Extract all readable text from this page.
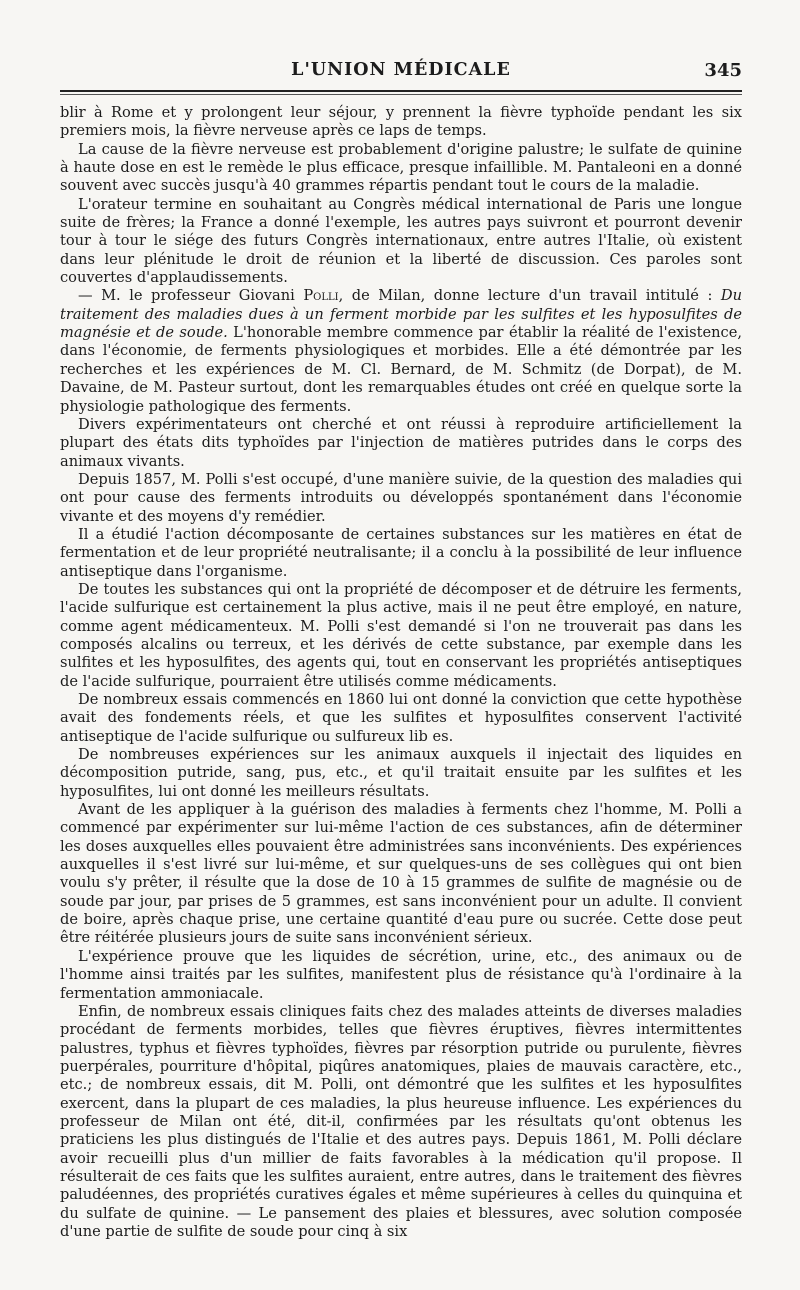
L'UNION MÉDICALE	345

blir à Rome et y prolongent leur séjour, y prennent la fièvre typhoïde pendant les six premiers mois, la fièvre nerveuse après ce laps de temps.

La cause de la fièvre nerveuse est probablement d'origine palustre; le sulfate de quinine à haute dose en est le remède le plus efficace, presque infaillible. M. Pantaleoni en a donné souvent avec succès jusqu'à 40 grammes répartis pendant tout le cours de la maladie.

L'orateur termine en souhaitant au Congrès médical international de Paris une longue suite de frères; la France a donné l'exemple, les autres pays suivront et pourront devenir tour à tour le siége des futurs Congrès internationaux, entre autres l'Italie, où existent dans leur plénitude le droit de réunion et la liberté de discussion. Ces paroles sont couvertes d'applaudissements.

— M. le professeur Giovani Polli, de Milan, donne lecture d'un travail intitulé : Du traitement des maladies dues à un ferment morbide par les sulfites et les hyposulfites de magnésie et de soude. L'honorable membre commence par établir la réalité de l'existence, dans l'économie, de ferments physiologiques et morbides. Elle a été démontrée par les recherches et les expériences de M. Cl. Bernard, de M. Schmitz (de Dorpat), de M. Davaine, de M. Pasteur surtout, dont les remarquables études ont créé en quelque sorte la physiologie pathologique des ferments.

Divers expérimentateurs ont cherché et ont réussi à reproduire artificiellement la plupart des états dits typhoïdes par l'injection de matières putrides dans le corps des animaux vivants.

Depuis 1857, M. Polli s'est occupé, d'une manière suivie, de la question des maladies qui ont pour cause des ferments introduits ou développés spontanément dans l'économie vivante et des moyens d'y remédier.

Il a étudié l'action décomposante de certaines substances sur les matières en état de fermentation et de leur propriété neutralisante; il a conclu à la possibilité de leur influence antiseptique dans l'organisme.

De toutes les substances qui ont la propriété de décomposer et de détruire les ferments, l'acide sulfurique est certainement la plus active, mais il ne peut être employé, en nature, comme agent médicamenteux. M. Polli s'est demandé si l'on ne trouverait pas dans les composés alcalins ou terreux, et les dérivés de cette substance, par exemple dans les sulfites et les hyposulfites, des agents qui, tout en conservant les propriétés antiseptiques de l'acide sulfurique, pourraient être utilisés comme médicaments.

De nombreux essais commencés en 1860 lui ont donné la conviction que cette hypothèse avait des fondements réels, et que les sulfites et hyposulfites conservent l'activité antiseptique de l'acide sulfurique ou sulfureux lib es.

De nombreuses expériences sur les animaux auxquels il injectait des liquides en décomposition putride, sang, pus, etc., et qu'il traitait ensuite par les sulfites et les hyposulfites, lui ont donné les meilleurs résultats.

Avant de les appliquer à la guérison des maladies à ferments chez l'homme, M. Polli a commencé par expérimenter sur lui-même l'action de ces substances, afin de déterminer les doses auxquelles elles pouvaient être administrées sans inconvénients. Des expériences auxquelles il s'est livré sur lui-même, et sur quelques-uns de ses collègues qui ont bien voulu s'y prêter, il résulte que la dose de 10 à 15 grammes de sulfite de magnésie ou de soude par jour, par prises de 5 grammes, est sans inconvénient pour un adulte. Il convient de boire, après chaque prise, une certaine quantité d'eau pure ou sucrée. Cette dose peut être réitérée plusieurs jours de suite sans inconvénient sérieux.

L'expérience prouve que les liquides de sécrétion, urine, etc., des animaux ou de l'homme ainsi traités par les sulfites, manifestent plus de résistance qu'à l'ordinaire à la fermentation ammoniacale.

Enfin, de nombreux essais cliniques faits chez des malades atteints de diverses maladies procédant de ferments morbides, telles que fièvres éruptives, fièvres intermittentes palustres, typhus et fièvres typhoïdes, fièvres par résorption putride ou purulente, fièvres puerpérales, pourriture d'hôpital, piqûres anatomiques, plaies de mauvais caractère, etc., etc.; de nombreux essais, dit M. Polli, ont démontré que les sulfites et les hyposulfites exercent, dans la plupart de ces maladies, la plus heureuse influence. Les expériences du professeur de Milan ont été, dit-il, confirmées par les résultats qu'ont obtenus les praticiens les plus distingués de l'Italie et des autres pays. Depuis 1861, M. Polli déclare avoir recueilli plus d'un millier de faits favorables à la médication qu'il propose. Il résulterait de ces faits que les sulfites auraient, entre autres, dans le traitement des fièvres paludéennes, des propriétés curatives égales et même supérieures à celles du quinquina et du sulfate de quinine. — Le pansement des plaies et blessures, avec solution composée d'une partie de sulfite de soude pour cinq à six
